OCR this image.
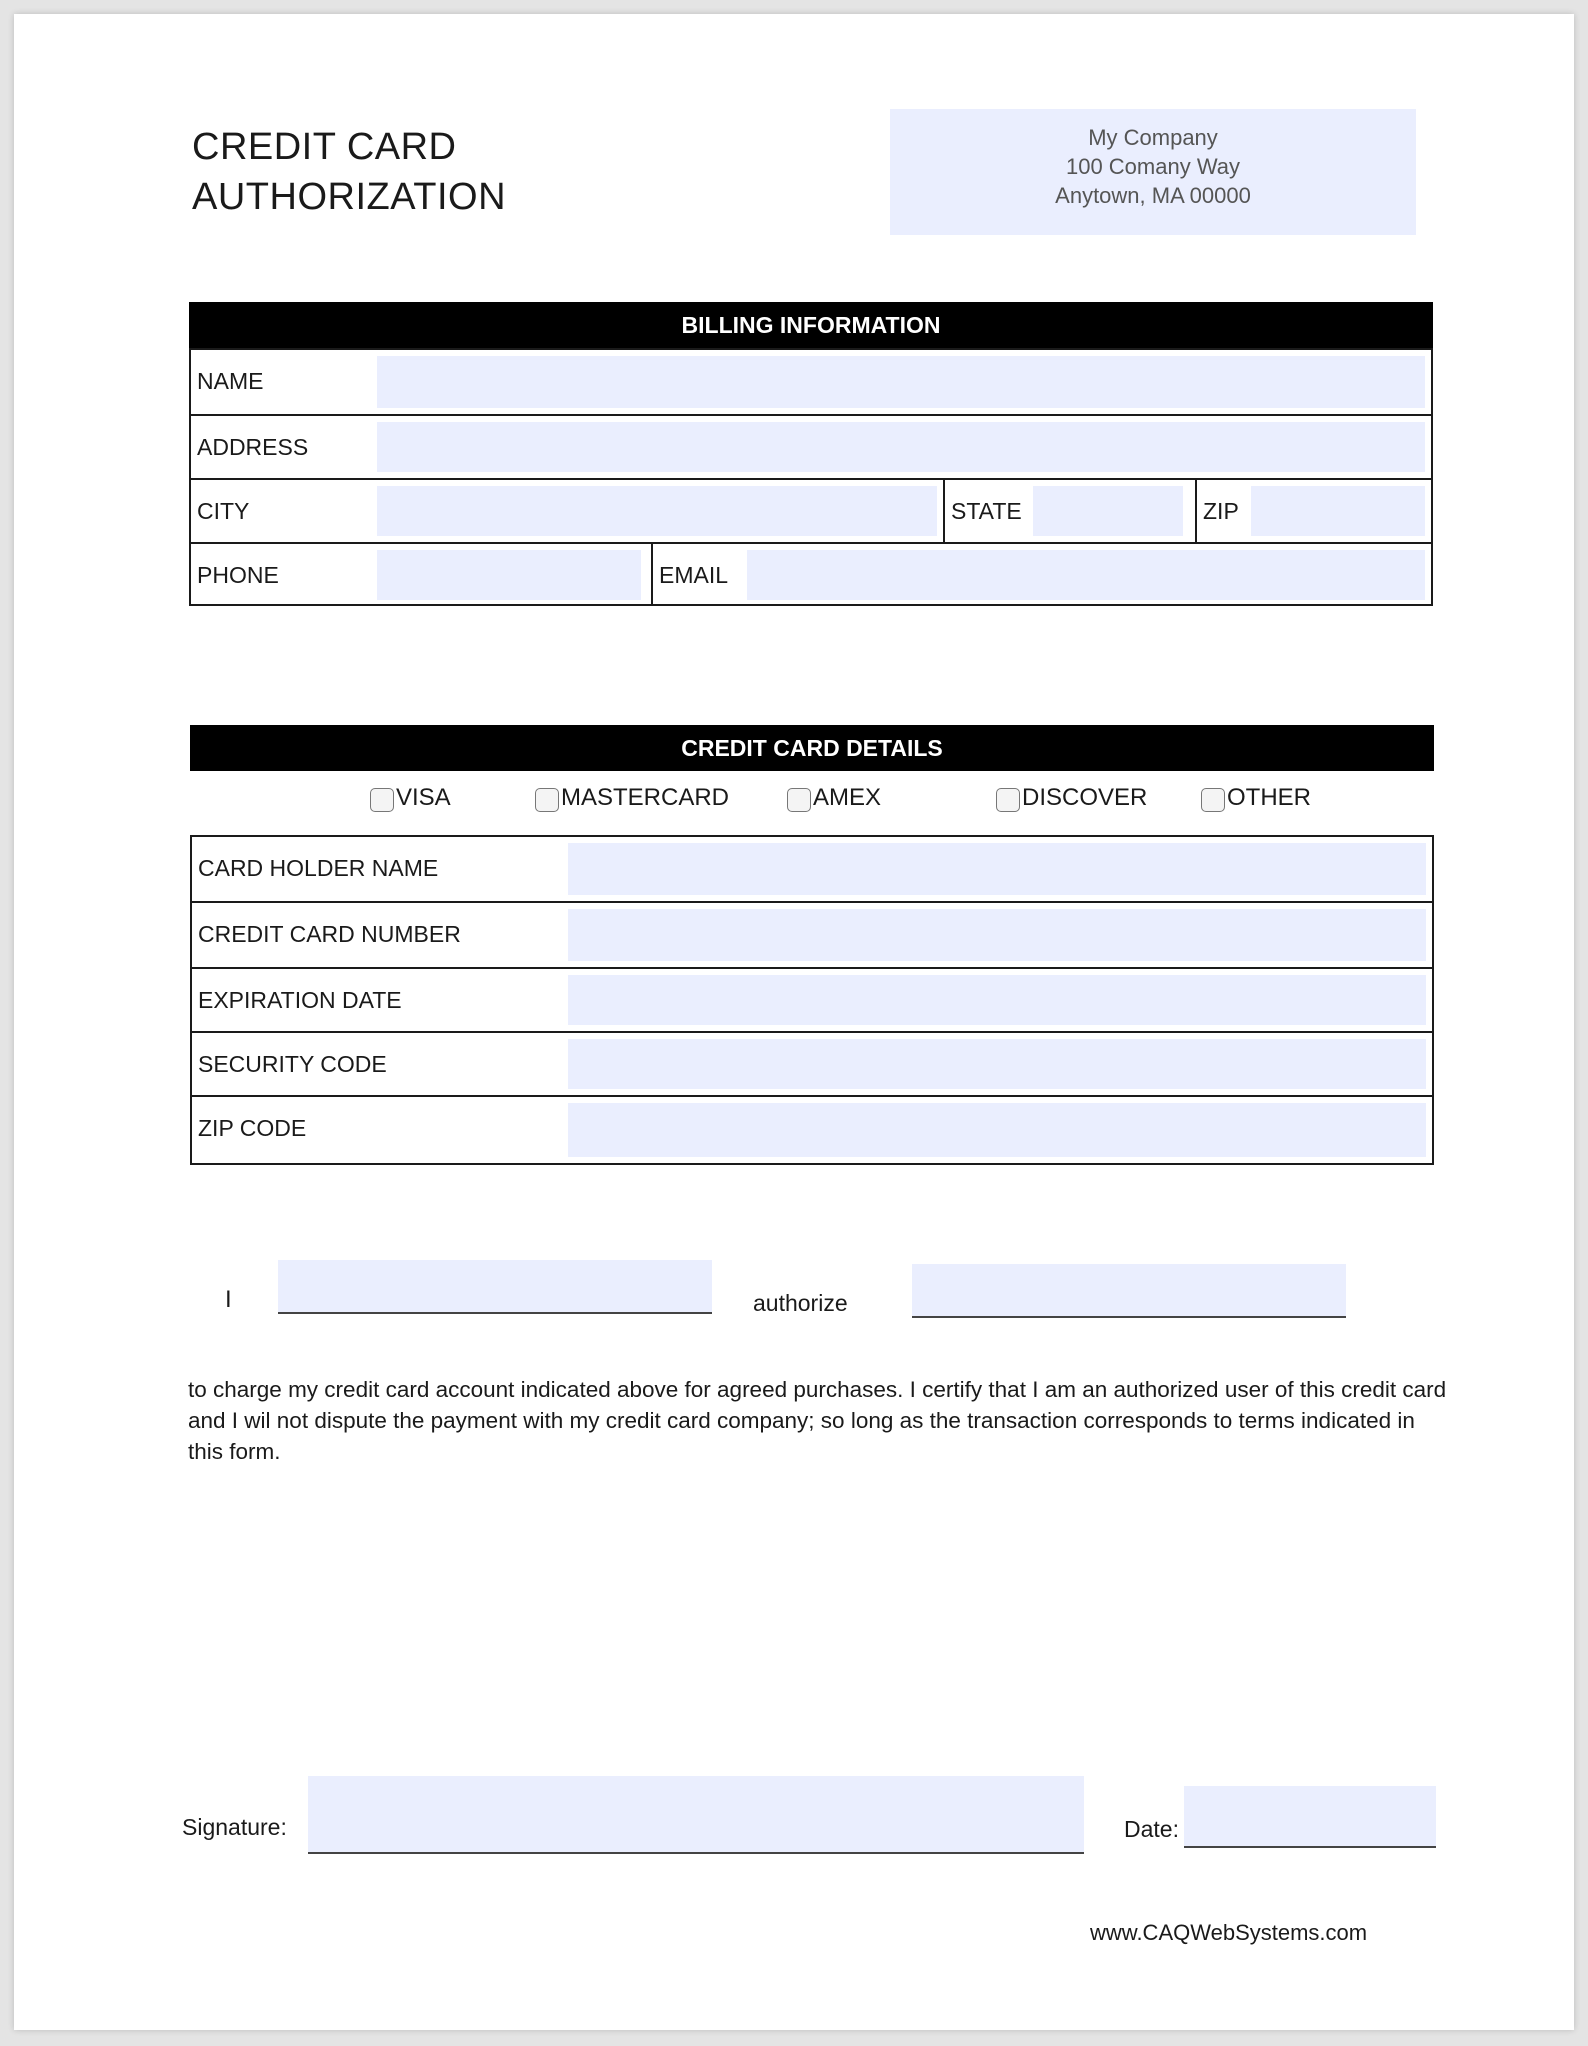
CREDIT CARD
AUTHORIZATION
My Company
100 Comany Way
Anytown, MA 00000
BILLING INFORMATION
NAME
ADDRESS
CITY	STATE	ZIP
PHONE	EMAIL
CREDIT CARD DETAILS
VISA	MASTERCARD	AMEX	DISCOVER	OTHER
CARD HOLDER NAME
CREDIT CARD NUMBER
EXPIRATION DATE
SECURITY CODE
ZIP CODE
I	authorize
to charge my credit card account indicated above for agreed purchases. I certify that I am an authorized user of this credit card and I wil not dispute the payment with my credit card company; so long as the transaction corresponds to terms indicated in this form.
Signature:	Date:
www.CAQWebSystems.com
